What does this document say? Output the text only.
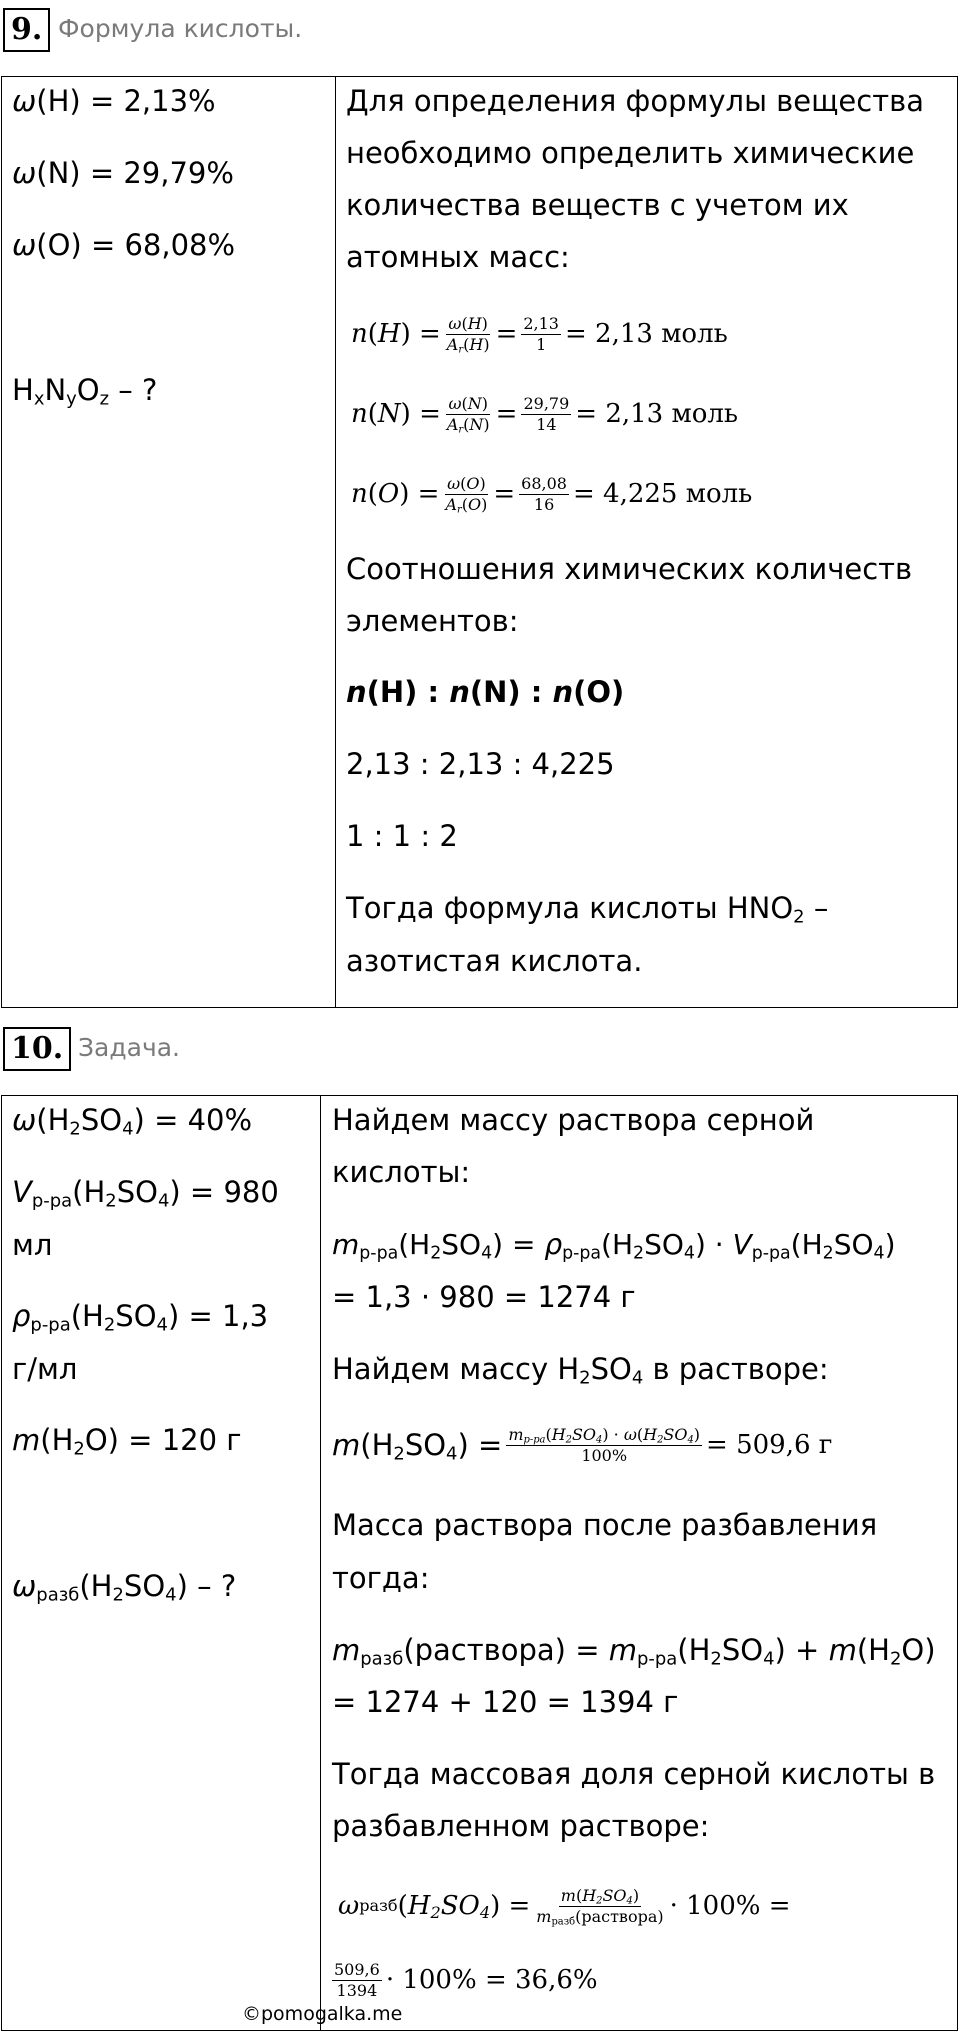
9. Формула кислоты.

ω(H) = 2,13%
ω(N) = 29,79%
ω(O) = 68,08%
$H_xN_yO_z$ – ?
Для определения формулы вещества
необходимо определить химические
количества веществ с учетом их
атомных масс:
n ( H ) = $\frac{\omega(H)}{A_r(H)} = \frac{2,13}{1} = 2,13$ моль
n ( N ) = $\frac{\omega(N)}{A_r(N)} = \frac{29,79}{14} = 2,13$ моль
n ( O ) = $\frac{\omega(O)}{A_r(O)} = \frac{68,08}{16} = 4,225$ моль
Соотношения химических количеств
элементов:
n(H) : n(N) : n(O)
2,13 : 2,13 : 4,225
1 : 1 : 2
Тогда формула кислоты $HNO_2$ –
азотистая кислота.
10. Задача.

$\omega(H_2SO_4) = 40\%$
$V_{р-ра}(H_2SO_4) = 980$
мл
$\rho_{р-ра}(H_2SO_4) = 1,3$
г/мл
$m(H_2O) = 120$ г
$\omega_{разб}(H_2SO_4)$ – ?
Найдем массу раствора серной
кислоты:
$m_{р-ра}(H_2SO_4) = \rho_{р-ра}(H_2SO_4) \cdot V_{р-ра}(H_2SO_4)$
= 1,3 · 980 = 1274 г
Найдем массу $H_2SO_4$ в растворе:
$m(H_2SO_4) = \frac{m_{р-ра}(H_2SO_4) \cdot \omega(H_2SO_4)}{100\%} = 509,6$ г
Масса раствора после разбавления
тогда:
$m_{разб}(раствора) = m_{р-ра}(H_2SO_4) + m(H_2O)$
= 1274 + 120 = 1394 г
Тогда массовая доля серной кислоты в
разбавленном растворе:
ω разб ( $H_2SO_4$ ) = $\frac{m(H_2SO_4)}{m_{разб}(раствора)} \cdot 100\%$ =
$\frac{509,6}{1394} \cdot 100\% = 36,6\%$
©pomogalka.me
